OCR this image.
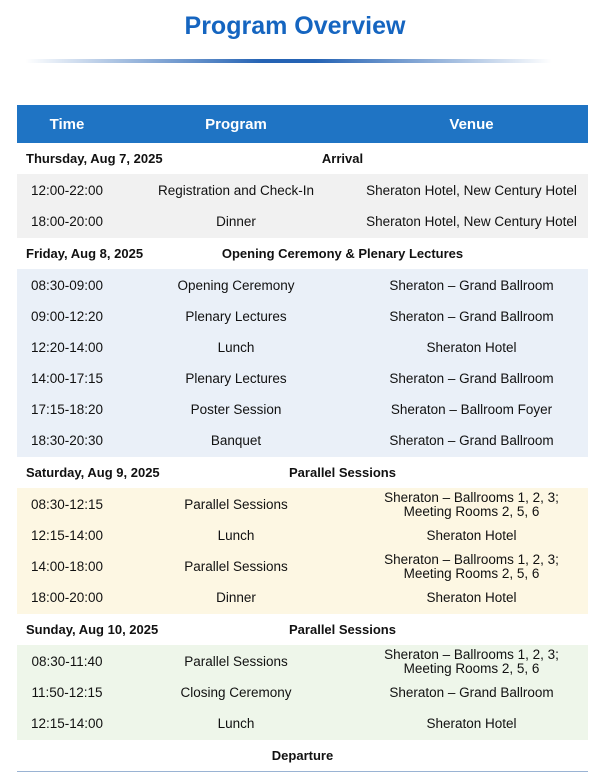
Program Overview
Time	Program	Venue
Thursday, Aug 7, 2025	Arrival
12:00-22:00	Registration and Check-In	Sheraton Hotel, New Century Hotel
18:00-20:00	Dinner	Sheraton Hotel, New Century Hotel
Friday, Aug 8, 2025	Opening Ceremony & Plenary Lectures
08:30-09:00	Opening Ceremony	Sheraton – Grand Ballroom
09:00-12:20	Plenary Lectures	Sheraton – Grand Ballroom
12:20-14:00	Lunch	Sheraton Hotel
14:00-17:15	Plenary Lectures	Sheraton – Grand Ballroom
17:15-18:20	Poster Session	Sheraton – Ballroom Foyer
18:30-20:30	Banquet	Sheraton – Grand Ballroom
Saturday, Aug 9, 2025	Parallel Sessions
08:30-12:15	Parallel Sessions	Sheraton – Ballrooms 1, 2, 3;
Meeting Rooms 2, 5, 6
12:15-14:00	Lunch	Sheraton Hotel
14:00-18:00	Parallel Sessions	Sheraton – Ballrooms 1, 2, 3;
Meeting Rooms 2, 5, 6
18:00-20:00	Dinner	Sheraton Hotel
Sunday, Aug 10, 2025	Parallel Sessions
08:30-11:40	Parallel Sessions	Sheraton – Ballrooms 1, 2, 3;
Meeting Rooms 2, 5, 6
11:50-12:15	Closing Ceremony	Sheraton – Grand Ballroom
12:15-14:00	Lunch	Sheraton Hotel
Departure
